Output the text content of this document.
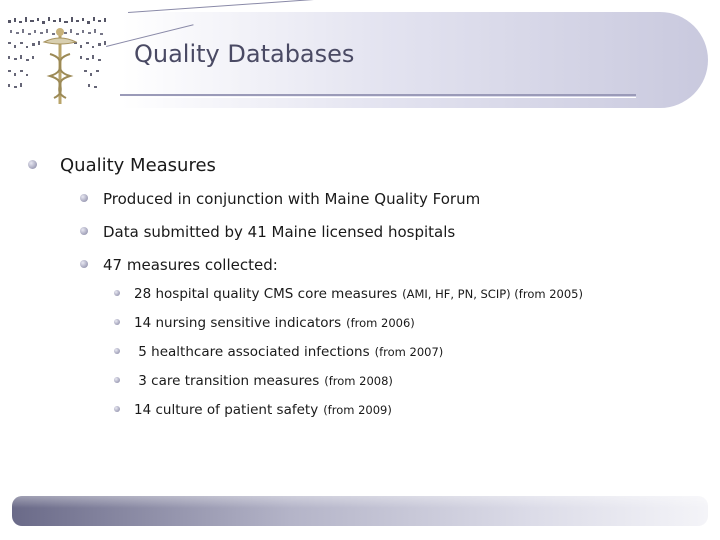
Quality Databases
Quality Measures
Produced in conjunction with Maine Quality Forum
Data submitted by 41 Maine licensed hospitals
47 measures collected:
28 hospital quality CMS core measures (AMI, HF, PN, SCIP) (from 2005)
14 nursing sensitive indicators (from 2006)
5 healthcare associated infections (from 2007)
3 care transition measures (from 2008)
14 culture of patient safety (from 2009)
